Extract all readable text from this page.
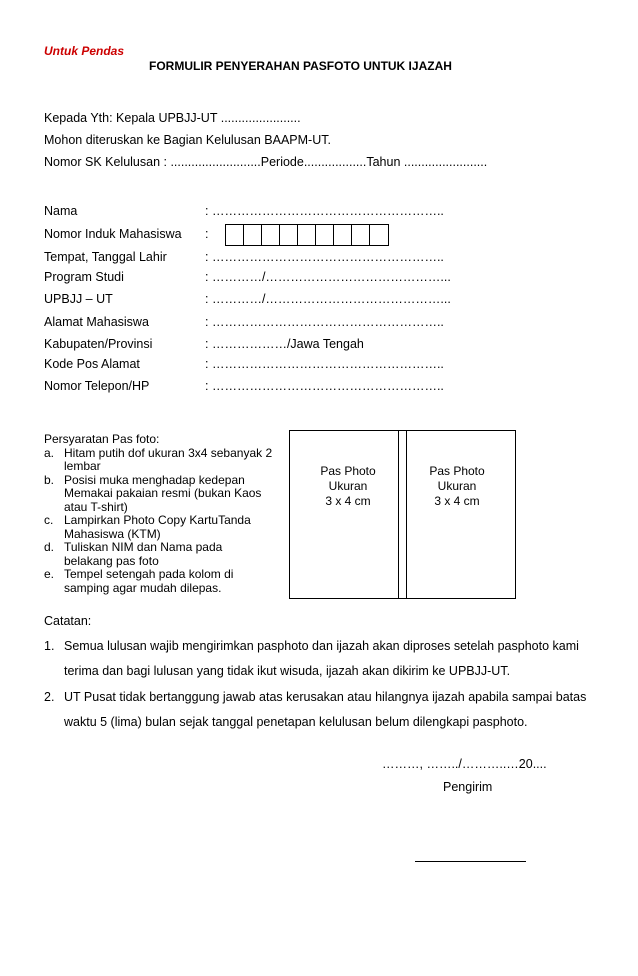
Untuk Pendas
FORMULIR PENYERAHAN PASFOTO UNTUK IJAZAH
Kepada Yth: Kepala UPBJJ-UT .......................
Mohon diteruskan ke Bagian Kelulusan BAAPM-UT.
Nomor SK Kelulusan : ..........................Periode..................Tahun ........................
Nama	: ………………………………………………..
Nomor Induk Mahasiswa :
Tempat, Tanggal Lahir	: ………………………………………………..
Program Studi	: …………/……………………………………...
UPBJJ – UT	: …………/……………………………………...
Alamat Mahasiswa	: ………………………………………………..
Kabupaten/Provinsi	: ………………/Jawa Tengah
Kode Pos Alamat	: ………………………………………………..
Nomor Telepon/HP	: ………………………………………………..
Persyaratan Pas foto:
a. Hitam putih dof ukuran 3x4 sebanyak 2 lembar
b. Posisi muka menghadap kedepan Memakai pakaian resmi (bukan Kaos atau T-shirt)
c. Lampirkan Photo Copy KartuTanda Mahasiswa (KTM)
d. Tuliskan NIM dan Nama pada belakang pas foto
e. Tempel setengah pada kolom di samping agar mudah dilepas.
Pas Photo
Ukuran
3 x 4 cm
Pas Photo
Ukuran
3 x 4 cm
Catatan:
1. Semua lulusan wajib mengirimkan pasphoto dan ijazah akan diproses setelah pasphoto kami terima dan bagi lulusan yang tidak ikut wisuda, ijazah akan dikirim ke UPBJJ-UT.
2. UT Pusat tidak bertanggung jawab atas kerusakan atau hilangnya ijazah apabila sampai batas waktu 5 (lima) bulan sejak tanggal penetapan kelulusan belum dilengkapi pasphoto.
………, ……../………..…20....
Pengirim
